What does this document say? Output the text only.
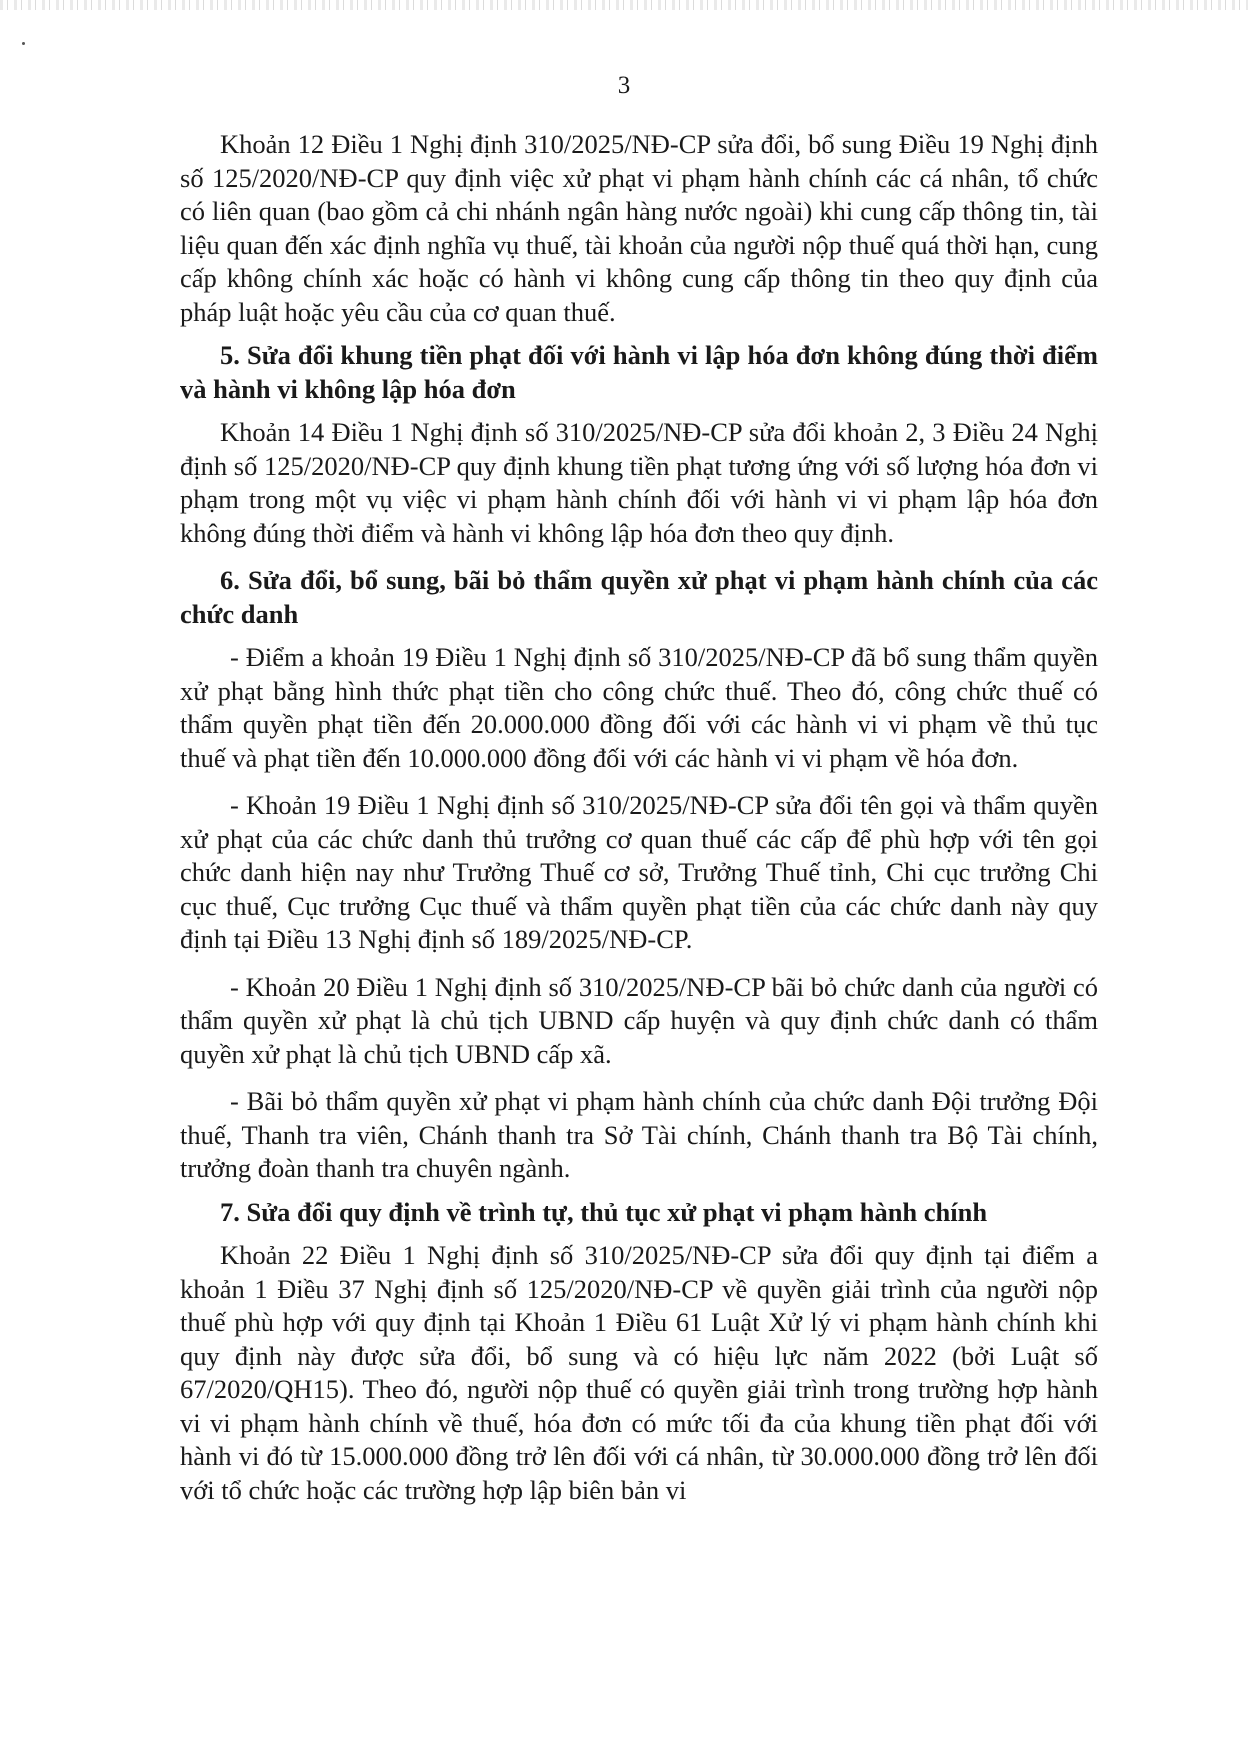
3

Khoản 12 Điều 1 Nghị định 310/2025/NĐ-CP sửa đổi, bổ sung Điều 19 Nghị định số 125/2020/NĐ-CP quy định việc xử phạt vi phạm hành chính các cá nhân, tổ chức có liên quan (bao gồm cả chi nhánh ngân hàng nước ngoài) khi cung cấp thông tin, tài liệu quan đến xác định nghĩa vụ thuế, tài khoản của người nộp thuế quá thời hạn, cung cấp không chính xác hoặc có hành vi không cung cấp thông tin theo quy định của pháp luật hoặc yêu cầu của cơ quan thuế.

5. Sửa đổi khung tiền phạt đối với hành vi lập hóa đơn không đúng thời điểm và hành vi không lập hóa đơn

Khoản 14 Điều 1 Nghị định số 310/2025/NĐ-CP sửa đổi khoản 2, 3 Điều 24 Nghị định số 125/2020/NĐ-CP quy định khung tiền phạt tương ứng với số lượng hóa đơn vi phạm trong một vụ việc vi phạm hành chính đối với hành vi vi phạm lập hóa đơn không đúng thời điểm và hành vi không lập hóa đơn theo quy định.

6. Sửa đổi, bổ sung, bãi bỏ thẩm quyền xử phạt vi phạm hành chính của các chức danh

- Điểm a khoản 19 Điều 1 Nghị định số 310/2025/NĐ-CP đã bổ sung thẩm quyền xử phạt bằng hình thức phạt tiền cho công chức thuế. Theo đó, công chức thuế có thẩm quyền phạt tiền đến 20.000.000 đồng đối với các hành vi vi phạm về thủ tục thuế và phạt tiền đến 10.000.000 đồng đối với các hành vi vi phạm về hóa đơn.

- Khoản 19 Điều 1 Nghị định số 310/2025/NĐ-CP sửa đổi tên gọi và thẩm quyền xử phạt của các chức danh thủ trưởng cơ quan thuế các cấp để phù hợp với tên gọi chức danh hiện nay như Trưởng Thuế cơ sở, Trưởng Thuế tỉnh, Chi cục trưởng Chi cục thuế, Cục trưởng Cục thuế và thẩm quyền phạt tiền của các chức danh này quy định tại Điều 13 Nghị định số 189/2025/NĐ-CP.

- Khoản 20 Điều 1 Nghị định số 310/2025/NĐ-CP bãi bỏ chức danh của người có thẩm quyền xử phạt là chủ tịch UBND cấp huyện và quy định chức danh có thẩm quyền xử phạt là chủ tịch UBND cấp xã.

- Bãi bỏ thẩm quyền xử phạt vi phạm hành chính của chức danh Đội trưởng Đội thuế, Thanh tra viên, Chánh thanh tra Sở Tài chính, Chánh thanh tra Bộ Tài chính, trưởng đoàn thanh tra chuyên ngành.

7. Sửa đổi quy định về trình tự, thủ tục xử phạt vi phạm hành chính

Khoản 22 Điều 1 Nghị định số 310/2025/NĐ-CP sửa đổi quy định tại điểm a khoản 1 Điều 37 Nghị định số 125/2020/NĐ-CP về quyền giải trình của người nộp thuế phù hợp với quy định tại Khoản 1 Điều 61 Luật Xử lý vi phạm hành chính khi quy định này được sửa đổi, bổ sung và có hiệu lực năm 2022 (bởi Luật số 67/2020/QH15). Theo đó, người nộp thuế có quyền giải trình trong trường hợp hành vi vi phạm hành chính về thuế, hóa đơn có mức tối đa của khung tiền phạt đối với hành vi đó từ 15.000.000 đồng trở lên đối với cá nhân, từ 30.000.000 đồng trở lên đối với tổ chức hoặc các trường hợp lập biên bản vi
